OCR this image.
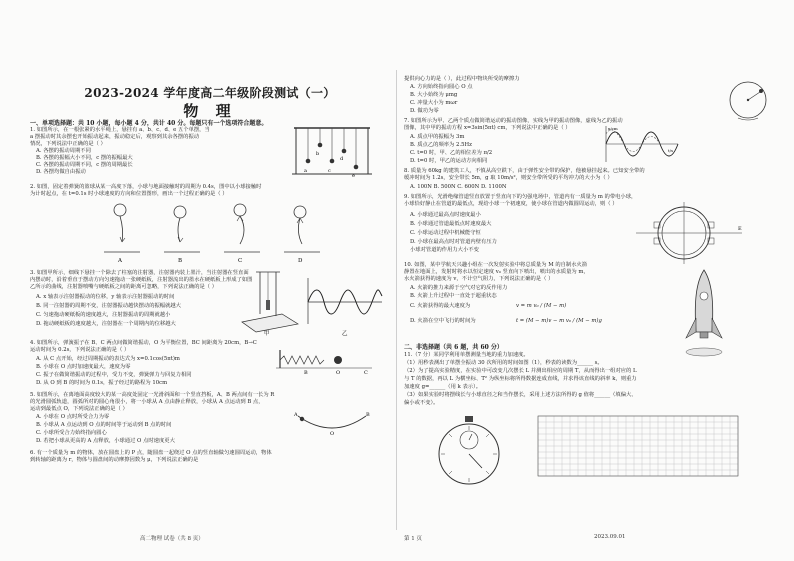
2023-2024 学年度高二年级阶段测试（一）
物 理
一、单项选择题：共 10 小题，每小题 4 分，共计 40 分。每题只有一个选项符合题意。
1. 如图所示，在一根张紧的水平绳上，悬挂有 a、b、c、d、e 五个单摆，当
a 摆振动时其余摆也开始振动起来，振动稳定后，观察到其余各摆的振动
情况，下列说法中正确的是（ ）
A. 各摆的振动周期不同
B. 各摆的振幅大小不同，c 摆的振幅最大
C. 各摆的振动周期不同，c 摆的周期最长
D. 各摆均做自由振动	a
b
c
d
e
2. 如图，固定着弹簧的篮球从某一高度下落，小球与地面接触时的周期为 0.4s，图中以小球接触时
为计时起点，在 t=0.1s 时小球速度的方向和位置图形，画出一个过程正确的是（ ）
A	B	C	D
3. 如图甲所示，细线下悬挂一个除去了柱塞的注射器，注射器内装上墨汁，当注射器在竖直面
内摆动时，沿着垂直于摆动方向匀速拖动一张硬纸板，注射器流出的墨水在硬纸板上形成了如图
乙所示的曲线，注射器喷嘴与硬纸板之间的距离可忽略，下列说法正确的是（ ）
A. x 轴表示注射器振动的位移，y 轴表示注射器振动的时间
B. 同一注射器的周期不变，注射器振动越快摆动的振幅就越大
C. 匀速拖动硬纸板的速度越大，注射器振动的周期就越小
D. 拖动硬纸板的速度越大，注射器在一个周期内的位移越大
甲	乙
4. 如图所示，弹簧振子在 B、C 两点间做简谐振动，O 为平衡位置，BC 间距离为 20cm，B→C
运动时间为 0.2s，下列说法正确的是（ ）
A. 从 C 点开始，经过周期振动的表达式为 x=0.1cos(5πt)m
B. 小球在 O 点时加速度最大，速度为零
C. 振子在做简谐振动的过程中，受力不变，弹簧弹力与回复力相同
D. 从 O 到 B 的时间为 0.1s，振子经过的路程为 10cm
B	O	C
5. 如图所示，在离地面高度较大的某一高度处固定一光滑斜面和一个竖直挡板，A、B 两点间有一长为 R
的光滑圆弧轨道，圆弧所对的圆心角很小，将一小球从 A 点由静止释放，小球从 A 点运动到 B 点，
运动到最低点 O，下列说法正确的是（ ）
A. 小球在 O 点时所受合力为零
B. 小球从 A 点运动到 O 点的时间等于运动到 B 点的时间
C. 小球所受合力始终指向圆心
D. 若把小球从更高的 A 点释放，小球通过 O 点时速度更大
A
O
B
6. 有一个质量为 m 的物体，放在圆盘上的 P 点，随圆盘一起绕过 O 点的竖直轴做匀速圆周运动，物体
到转轴的距离为 r，物体与圆盘间的动摩擦因数为 μ，下列说法正确的是
高二物理 试卷（共 8 页）
提供向心力的是（ ），此过程中物块所受的摩擦力
A. 方向始终指向圆心 O 点
B. 大小始终为 μmg
C. 冲量大小为 mωr
D. 做功为零
7. 如图所示为甲、乙两个质点做简谐运动的振动图像，实线为甲的振动图像，虚线为乙的振动
图像，其中甲的振动方程 x=3sin(5πt) cm，下列说法中正确的是（ ）
A. 质点甲的振幅为 3m
B. 质点乙的频率为 2.5Hz
C. t=0 时，甲、乙的相位差为 π/2
D. t=0 时，甲乙的运动方向相同
x/cm
t/s
8. 质量为 60kg 的建筑工人，不慎从高空跌下，由于弹性安全带的保护，他被悬挂起来。已知安全带的
缓冲时间为 1.2s，安全带长 5m，g 取 10m/s²，则安全带所受的平均冲力的大小为（ ）
A. 100N B. 500N C. 600N D. 1100N
9. 如图所示，光滑绝缘管道竖直放置于竖直向下的匀强电场中，管道内有一质量为 m 的带电小球，
小球恰好静止在管道的最低点，现给小球一个初速度，使小球在管道内做圆周运动，则（ ）
A. 小球通过最高点时速度最小
B. 小球通过管道最低点时速度最大
C. 小球运动过程中机械能守恒
D. 小球在最高点时对管道内壁有压力
小球对管道的作用力大小不变
E
10. 如图，某中学航天兴趣小组在一次发射实验中将总质量为 M 的自制水火箭
静置在地面上，发射时将水以恒定速度 v₀ 竖直向下喷出，喷出的水质量为 m，
水火箭获得的速度为 v，不计空气阻力，下列说法正确的是（ ）
A. 火箭的推力来源于空气对它的反作用力
B. 火箭上升过程中一直处于超重状态
C. 火箭获得的最大速度为	v = m v₀ / (M − m)
D. 火箭在空中飞行的时间为	t = (M − m)v − m v₀ / (M − m)g
二、非选择题（共 6 题，共 60 分）
11.（7 分）某同学利用单摆测量当地的重力加速度。
（1）用秒表测出了单摆全振动 30 次所用的时间如图（1），秒表的读数为______ s。
（2）为了提高实验精度，在实验中可改变几次摆长 L 并测出相应的周期 T，从而得出一组对应的 L
与 T 的数据，再以 L 为横坐标、T² 为纵坐标将所得数据连成直线，并求得该直线的斜率 k，则重力
加速度 g=______（用 k 表示）。
（3）如果实验时将摆线长与小球直径之和当作摆长，采用上述方法所得的 g 值将______（填偏大、
偏小或不变）。
第 1 页	2023.09.01
